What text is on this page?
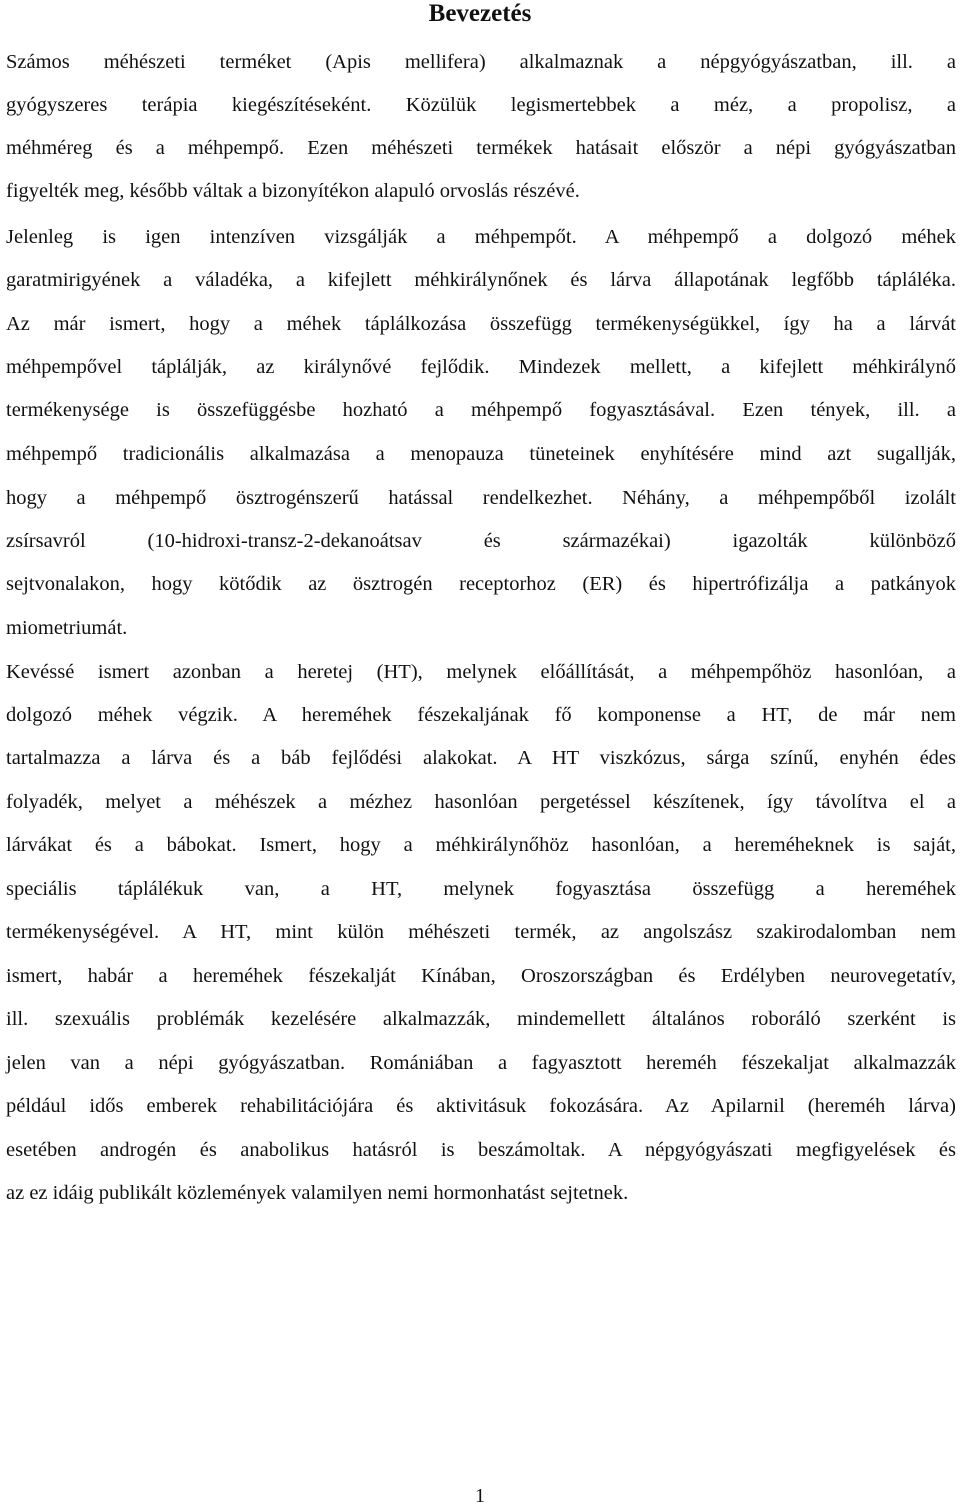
Bevezetés
Számos méhészeti terméket (Apis mellifera) alkalmaznak a népgyógyászatban, ill. a
gyógyszeres terápia kiegészítéseként. Közülük legismertebbek a méz, a propolisz, a
méhméreg és a méhpempő. Ezen méhészeti termékek hatásait először a népi gyógyászatban
figyelték meg, később váltak a bizonyítékon alapuló orvoslás részévé.
Jelenleg is igen intenzíven vizsgálják a méhpempőt. A méhpempő a dolgozó méhek
garatmirigyének a váladéka, a kifejlett méhkirálynőnek és lárva állapotának legfőbb tápláléka.
Az már ismert, hogy a méhek táplálkozása összefügg termékenységükkel, így ha a lárvát
méhpempővel táplálják, az királynővé fejlődik. Mindezek mellett, a kifejlett méhkirálynő
termékenysége is összefüggésbe hozható a méhpempő fogyasztásával. Ezen tények, ill. a
méhpempő tradicionális alkalmazása a menopauza tüneteinek enyhítésére mind azt sugallják,
hogy a méhpempő ösztrogénszerű hatással rendelkezhet. Néhány, a méhpempőből izolált
zsírsavról (10-hidroxi-transz-2-dekanoátsav és származékai) igazolták különböző
sejtvonalakon, hogy kötődik az ösztrogén receptorhoz (ER) és hipertrófizálja a patkányok
miometriumát.
Kevéssé ismert azonban a heretej (HT), melynek előállítását, a méhpempőhöz hasonlóan, a
dolgozó méhek végzik. A hereméhek fészekaljának fő komponense a HT, de már nem
tartalmazza a lárva és a báb fejlődési alakokat. A HT viszkózus, sárga színű, enyhén édes
folyadék, melyet a méhészek a mézhez hasonlóan pergetéssel készítenek, így távolítva el a
lárvákat és a bábokat. Ismert, hogy a méhkirálynőhöz hasonlóan, a hereméheknek is saját,
speciális táplálékuk van, a HT, melynek fogyasztása összefügg a hereméhek
termékenységével. A HT, mint külön méhészeti termék, az angolszász szakirodalomban nem
ismert, habár a hereméhek fészekalját Kínában, Oroszországban és Erdélyben neurovegetatív,
ill. szexuális problémák kezelésére alkalmazzák, mindemellett általános roboráló szerként is
jelen van a népi gyógyászatban. Romániában a fagyasztott hereméh fészekaljat alkalmazzák
például idős emberek rehabilitációjára és aktivitásuk fokozására. Az Apilarnil (hereméh lárva)
esetében androgén és anabolikus hatásról is beszámoltak. A népgyógyászati megfigyelések és
az ez idáig publikált közlemények valamilyen nemi hormonhatást sejtetnek.
1
